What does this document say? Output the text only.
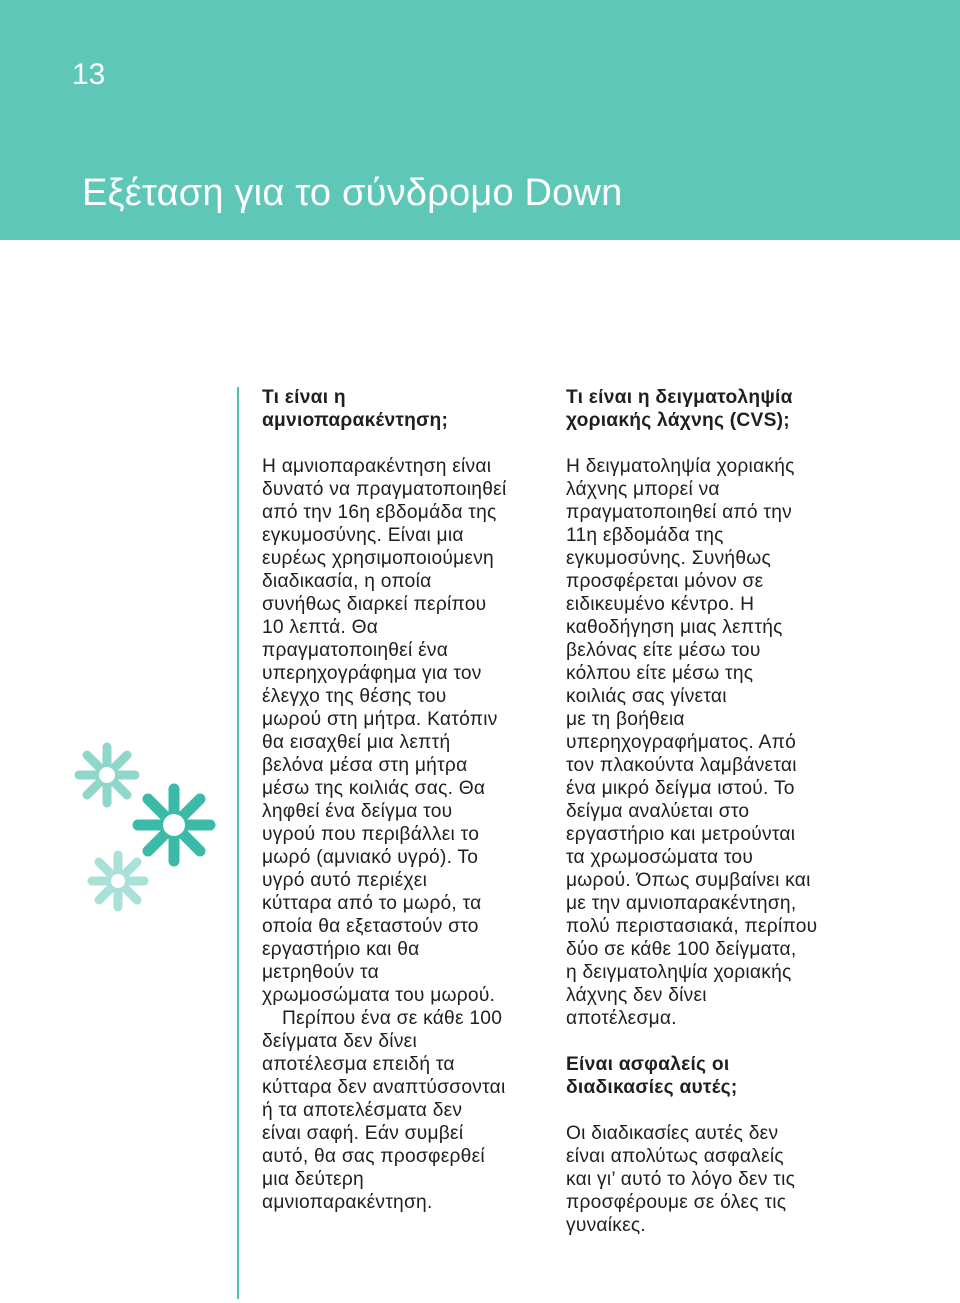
13
Εξέταση για το σύνδρομο Down
Τι είναι η
αμνιοπαρακέντηση;

Η αμνιοπαρακέντηση είναι
δυνατό να πραγματοποιηθεί
από την 16η εβδομάδα της
εγκυμοσύνης. Είναι μια
ευρέως χρησιμοποιούμενη
διαδικασία, η οποία
συνήθως διαρκεί περίπου
10 λεπτά. Θα
πραγματοποιηθεί ένα
υπερηχογράφημα για τον
έλεγχο της θέσης του
μωρού στη μήτρα. Κατόπιν
θα εισαχθεί μια λεπτή
βελόνα μέσα στη μήτρα
μέσω της κοιλιάς σας. Θα
ληφθεί ένα δείγμα του
υγρού που περιβάλλει το
μωρό (αμνιακό υγρό). Το
υγρό αυτό περιέχει
κύτταρα από το μωρό, τα
οποία θα εξεταστούν στο
εργαστήριο και θα
μετρηθούν τα
χρωμοσώματα του μωρού.

Περίπου ένα σε κάθε 100
δείγματα δεν δίνει
αποτέλεσμα επειδή τα
κύτταρα δεν αναπτύσσονται
ή τα αποτελέσματα δεν
είναι σαφή. Εάν συμβεί
αυτό, θα σας προσφερθεί
μια δεύτερη
αμνιοπαρακέντηση.

Τι είναι η δειγματοληψία
χοριακής λάχνης (CVS);

Η δειγματοληψία χοριακής
λάχνης μπορεί να
πραγματοποιηθεί από την
11η εβδομάδα της
εγκυμοσύνης. Συνήθως
προσφέρεται μόνον σε
ειδικευμένο κέντρο. Η
καθοδήγηση μιας λεπτής
βελόνας είτε μέσω του
κόλπου είτε μέσω της
κοιλιάς σας γίνεται
με τη βοήθεια
υπερηχογραφήματος. Από
τον πλακούντα λαμβάνεται
ένα μικρό δείγμα ιστού. Το
δείγμα αναλύεται στο
εργαστήριο και μετρούνται
τα χρωμοσώματα του
μωρού. Όπως συμβαίνει και
με την αμνιοπαρακέντηση,
πολύ περιστασιακά, περίπου
δύο σε κάθε 100 δείγματα,
η δειγματοληψία χοριακής
λάχνης δεν δίνει
αποτέλεσμα.

Είναι ασφαλείς οι
διαδικασίες αυτές;

Οι διαδικασίες αυτές δεν
είναι απολύτως ασφαλείς
και γι’ αυτό το λόγο δεν τις
προσφέρουμε σε όλες τις
γυναίκες.
